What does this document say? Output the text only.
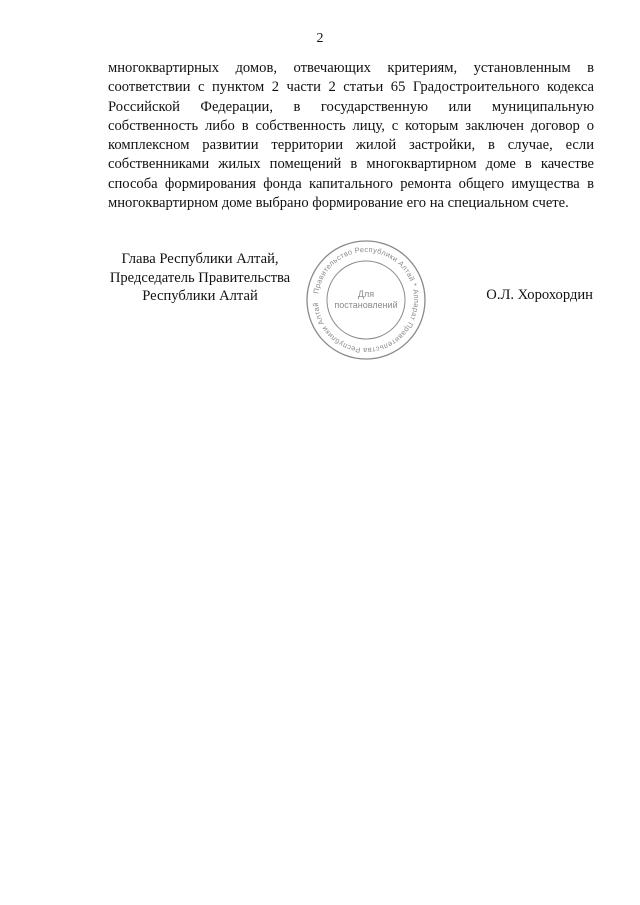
2
многоквартирных домов, отвечающих критериям, установленным в соответствии с пунктом 2 части 2 статьи 65 Градостроительного кодекса Российской Федерации, в государственную или муниципальную собственность либо в собственность лицу, с которым заключен договор о комплексном развитии территории жилой застройки, в случае, если собственниками жилых помещений в многоквартирном доме в качестве способа формирования фонда капитального ремонта общего имущества в многоквартирном доме выбрано формирование его на специальном счете.
Глава Республики Алтай,
Председатель Правительства
Республики Алтай	Правительство Республики Алтай * Аппарат Правительства Республики Алтай
Для
постановлений
О.Л. Хорохордин
